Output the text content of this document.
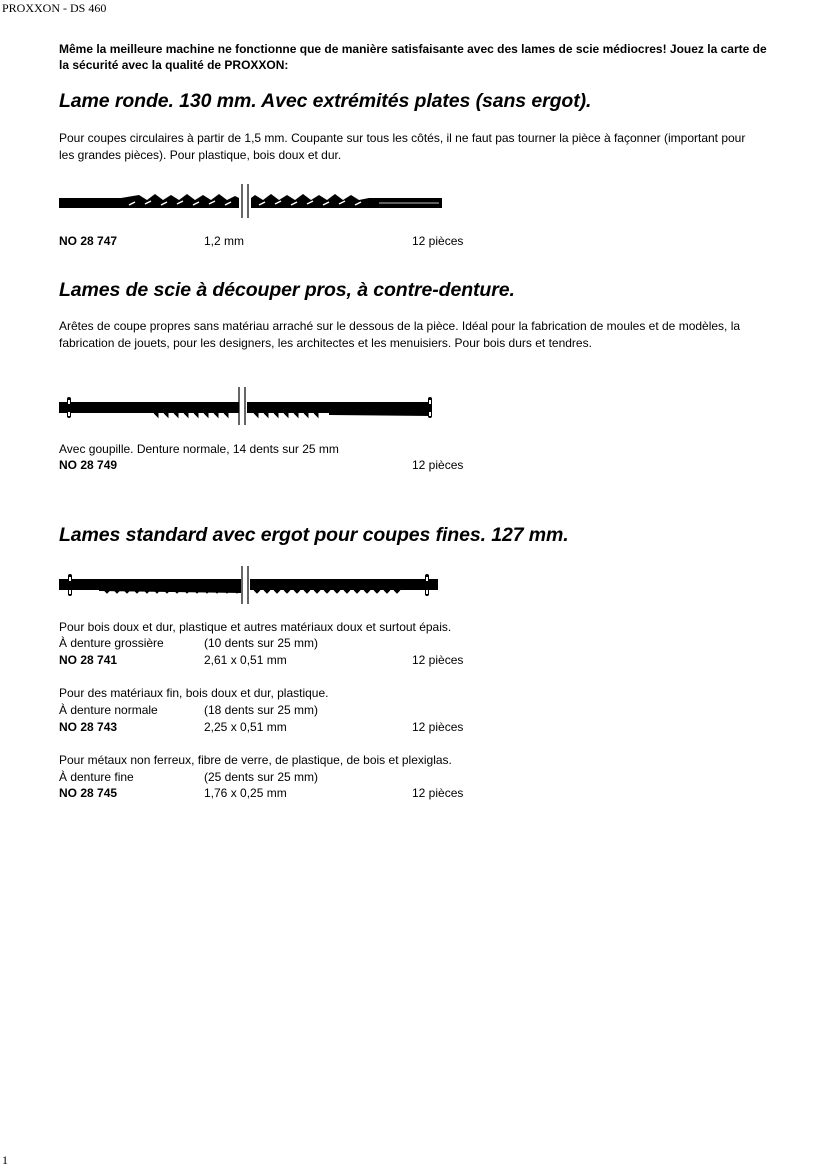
PROXXON - DS 460
Même la meilleure machine ne fonctionne que de manière satisfaisante avec des lames de scie médiocres! Jouez la carte de la sécurité avec la qualité de PROXXON:
Lame ronde. 130 mm. Avec extrémités plates (sans ergot).
Pour coupes circulaires à partir de 1,5 mm. Coupante sur tous les côtés, il ne faut pas tourner la pièce à façonner (important pour les grandes pièces). Pour plastique, bois doux et dur.
NO 28 747	1,2 mm	12 pièces
Lames de scie à découper pros, à contre-denture.
Arêtes de coupe propres sans matériau arraché sur le dessous de la pièce. Idéal pour la fabrication de moules et de modèles, la fabrication de jouets, pour les designers, les architectes et les menuisiers. Pour bois durs et tendres.
Avec goupille. Denture normale, 14 dents sur 25 mm
NO 28 749	12 pièces
Lames standard avec ergot pour coupes fines. 127 mm.
Pour bois doux et dur, plastique et autres matériaux doux et surtout épais.
À denture grossière	(10 dents sur 25 mm)
NO 28 741	2,61 x 0,51 mm	12 pièces
Pour des matériaux fin, bois doux et dur, plastique.
À denture normale	(18 dents sur 25 mm)
NO 28 743	2,25 x 0,51 mm	12 pièces
Pour métaux non ferreux, fibre de verre, de plastique, de bois et plexiglas.
À denture fine	(25 dents sur 25 mm)
NO 28 745	1,76 x 0,25 mm	12 pièces
1
